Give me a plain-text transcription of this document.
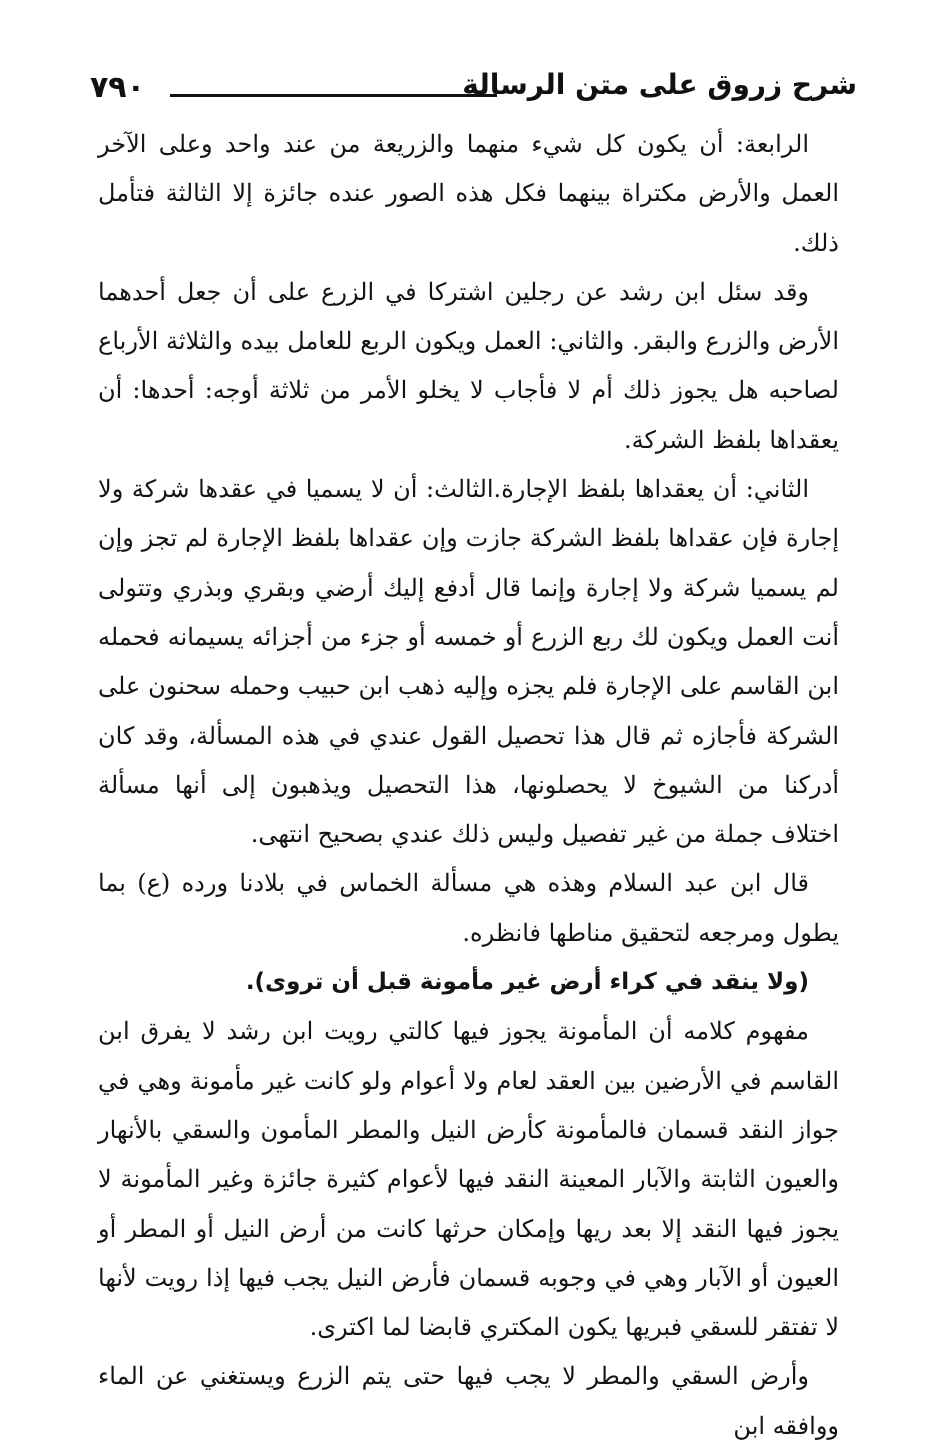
٧٩٠	شرح زروق على متن الرسالة

الرابعة: أن يكون كل شيء منهما والزريعة من عند واحد وعلى الآخر العمل والأرض مكتراة بينهما فكل هذه الصور عنده جائزة إلا الثالثة فتأمل ذلك.

وقد سئل ابن رشد عن رجلين اشتركا في الزرع على أن جعل أحدهما الأرض والزرع والبقر. والثاني: العمل ويكون الربع للعامل بيده والثلاثة الأرباع لصاحبه هل يجوز ذلك أم لا فأجاب لا يخلو الأمر من ثلاثة أوجه: أحدها: أن يعقداها بلفظ الشركة.

الثاني: أن يعقداها بلفظ الإجارة.الثالث: أن لا يسميا في عقدها شركة ولا إجارة فإن عقداها بلفظ الشركة جازت وإن عقداها بلفظ الإجارة لم تجز وإن لم يسميا شركة ولا إجارة وإنما قال أدفع إليك أرضي وبقري وبذري وتتولى أنت العمل ويكون لك ربع الزرع أو خمسه أو جزء من أجزائه يسيمانه فحمله ابن القاسم على الإجارة فلم يجزه وإليه ذهب ابن حبيب وحمله سحنون على الشركة فأجازه ثم قال هذا تحصيل القول عندي في هذه المسألة، وقد كان أدركنا من الشيوخ لا يحصلونها، هذا التحصيل ويذهبون إلى أنها مسألة اختلاف جملة من غير تفصيل وليس ذلك عندي بصحيح انتهى.

قال ابن عبد السلام وهذه هي مسألة الخماس في بلادنا ورده (ع) بما يطول ومرجعه لتحقيق مناطها فانظره.

(ولا ينقد في كراء أرض غير مأمونة قبل أن تروى).

مفهوم كلامه أن المأمونة يجوز فيها كالتي رويت ابن رشد لا يفرق ابن القاسم في الأرضين بين العقد لعام ولا أعوام ولو كانت غير مأمونة وهي في جواز النقد قسمان فالمأمونة كأرض النيل والمطر المأمون والسقي بالأنهار والعيون الثابتة والآبار المعينة النقد فيها لأعوام كثيرة جائزة وغير المأمونة لا يجوز فيها النقد إلا بعد ريها وإمكان حرثها كانت من أرض النيل أو المطر أو العيون أو الآبار وهي في وجوبه قسمان فأرض النيل يجب فيها إذا رويت لأنها لا تفتقر للسقي فبريها يكون المكتري قابضا لما اكترى.

وأرض السقي والمطر لا يجب فيها حتى يتم الزرع ويستغني عن الماء ووافقه ابن
